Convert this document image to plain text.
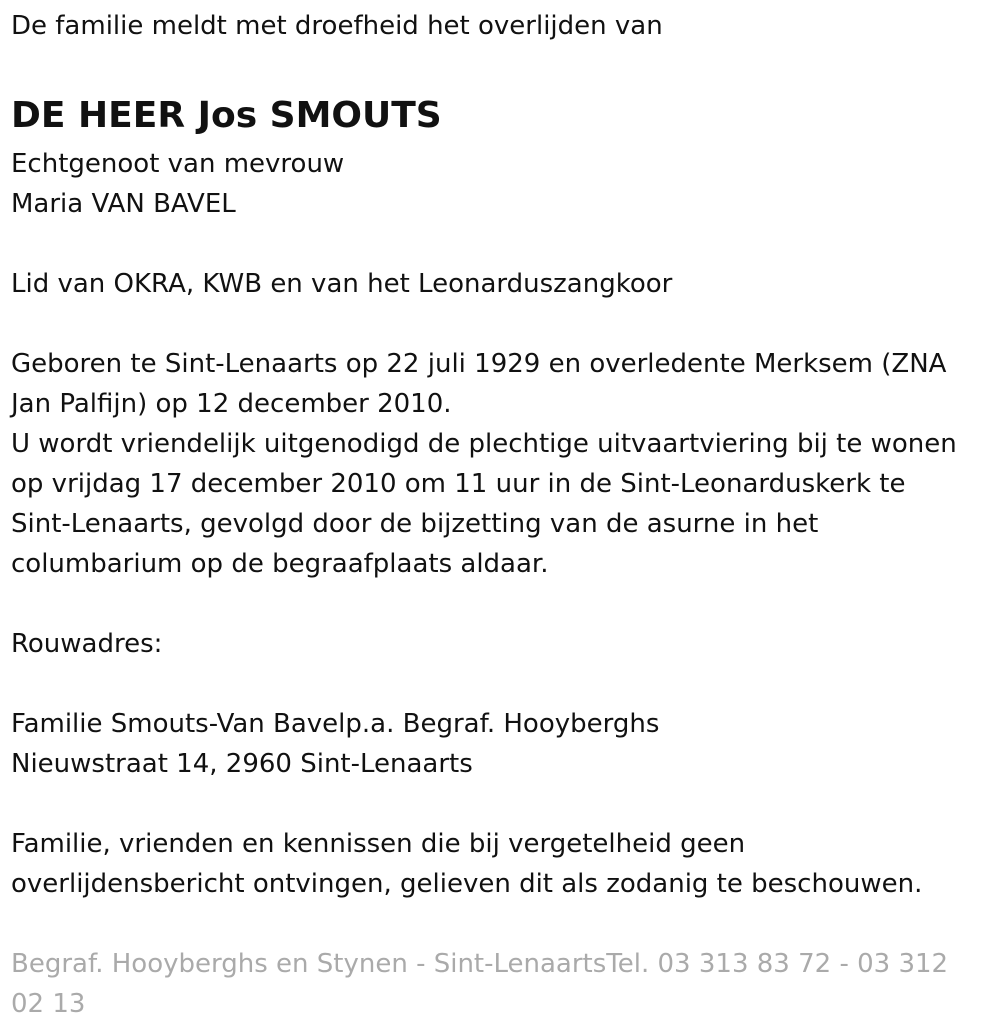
De familie meldt met droefheid het overlijden van

DE HEER Jos SMOUTS

Echtgenoot van mevrouw

Maria VAN BAVEL

Lid van OKRA, KWB en van het Leonarduszangkoor

Geboren te Sint-Lenaarts op 22 juli 1929 en overledente Merksem (ZNA

Jan Palfijn) op 12 december 2010.

U wordt vriendelijk uitgenodigd de plechtige uitvaartviering bij te wonen

op vrijdag 17 december 2010 om 11 uur in de Sint-Leonarduskerk te

Sint-Lenaarts, gevolgd door de bijzetting van de asurne in het

columbarium op de begraafplaats aldaar.

Rouwadres:

Familie Smouts-Van Bavelp.a. Begraf. Hooyberghs

Nieuwstraat 14, 2960 Sint-Lenaarts

Familie, vrienden en kennissen die bij vergetelheid geen

overlijdensbericht ontvingen, gelieven dit als zodanig te beschouwen.

Begraf. Hooyberghs en Stynen - Sint-LenaartsTel. 03 313 83 72 - 03 312

02 13
